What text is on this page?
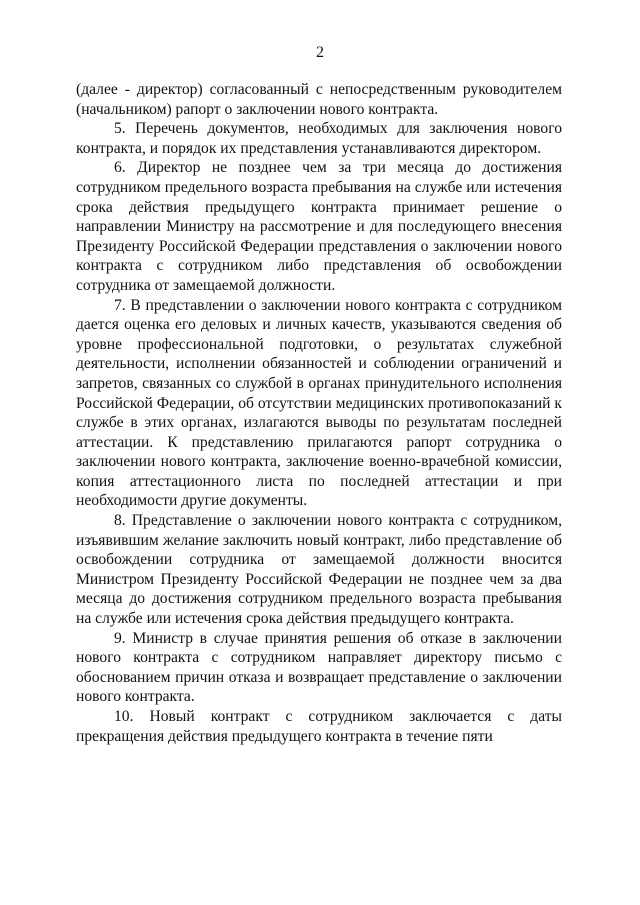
2

(далее - директор) согласованный с непосредственным руководителем (начальником) рапорт о заключении нового контракта.

5. Перечень документов, необходимых для заключения нового контракта, и порядок их представления устанавливаются директором.

6. Директор не позднее чем за три месяца до достижения сотрудником предельного возраста пребывания на службе или истечения срока действия предыдущего контракта принимает решение о направлении Министру на рассмотрение и для последующего внесения Президенту Российской Федерации представления о заключении нового контракта с сотрудником либо представления об освобождении сотрудника от замещаемой должности.

7. В представлении о заключении нового контракта с сотрудником дается оценка его деловых и личных качеств, указываются сведения об уровне профессиональной подготовки, о результатах служебной деятельности, исполнении обязанностей и соблюдении ограничений и запретов, связанных со службой в органах принудительного исполнения Российской Федерации, об отсутствии медицинских противопоказаний к службе в этих органах, излагаются выводы по результатам последней аттестации. К представлению прилагаются рапорт сотрудника о заключении нового контракта, заключение военно-врачебной комиссии, копия аттестационного листа по последней аттестации и при необходимости другие документы.

8. Представление о заключении нового контракта с сотрудником, изъявившим желание заключить новый контракт, либо представление об освобождении сотрудника от замещаемой должности вносится Министром Президенту Российской Федерации не позднее чем за два месяца до достижения сотрудником предельного возраста пребывания на службе или истечения срока действия предыдущего контракта.

9. Министр в случае принятия решения об отказе в заключении нового контракта с сотрудником направляет директору письмо с обоснованием причин отказа и возвращает представление о заключении нового контракта.

10. Новый контракт с сотрудником заключается с даты прекращения действия предыдущего контракта в течение пяти
